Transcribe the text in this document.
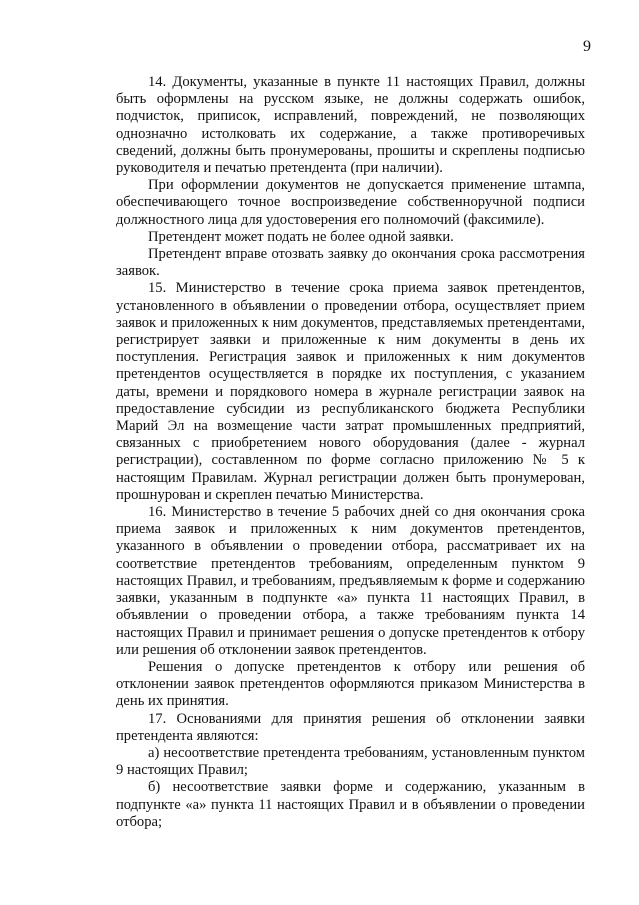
9

14. Документы, указанные в пункте 11 настоящих Правил, должны быть оформлены на русском языке, не должны содержать ошибок, подчисток, приписок, исправлений, повреждений, не позволяющих однозначно истолковать их содержание, а также противоречивых сведений, должны быть пронумерованы, прошиты и скреплены подписью руководителя и печатью претендента (при наличии).

При оформлении документов не допускается применение штампа, обеспечивающего точное воспроизведение собственноручной подписи должностного лица для удостоверения его полномочий (факсимиле).

Претендент может подать не более одной заявки.

Претендент вправе отозвать заявку до окончания срока рассмотрения заявок.

15. Министерство в течение срока приема заявок претендентов, установленного в объявлении о проведении отбора, осуществляет прием заявок и приложенных к ним документов, представляемых претендентами, регистрирует заявки и приложенные к ним документы в день их поступления. Регистрация заявок и приложенных к ним документов претендентов осуществляется в порядке их поступления, с указанием даты, времени и порядкового номера в журнале регистрации заявок на предоставление субсидии из республиканского бюджета Республики Марий Эл на возмещение части затрат промышленных предприятий, связанных с приобретением нового оборудования (далее - журнал регистрации), составленном по форме согласно приложению № 5 к настоящим Правилам. Журнал регистрации должен быть пронумерован, прошнурован и скреплен печатью Министерства.

16. Министерство в течение 5 рабочих дней со дня окончания срока приема заявок и приложенных к ним документов претендентов, указанного в объявлении о проведении отбора, рассматривает их на соответствие претендентов требованиям, определенным пунктом 9 настоящих Правил, и требованиям, предъявляемым к форме и содержанию заявки, указанным в подпункте «а» пункта 11 настоящих Правил, в объявлении о проведении отбора, а также требованиям пункта 14 настоящих Правил и принимает решения о допуске претендентов к отбору или решения об отклонении заявок претендентов.

Решения о допуске претендентов к отбору или решения об отклонении заявок претендентов оформляются приказом Министерства в день их принятия.

17. Основаниями для принятия решения об отклонении заявки претендента являются:

а) несоответствие претендента требованиям, установленным пунктом 9 настоящих Правил;

б) несоответствие заявки форме и содержанию, указанным в подпункте «а» пункта 11 настоящих Правил и в объявлении о проведении отбора;
